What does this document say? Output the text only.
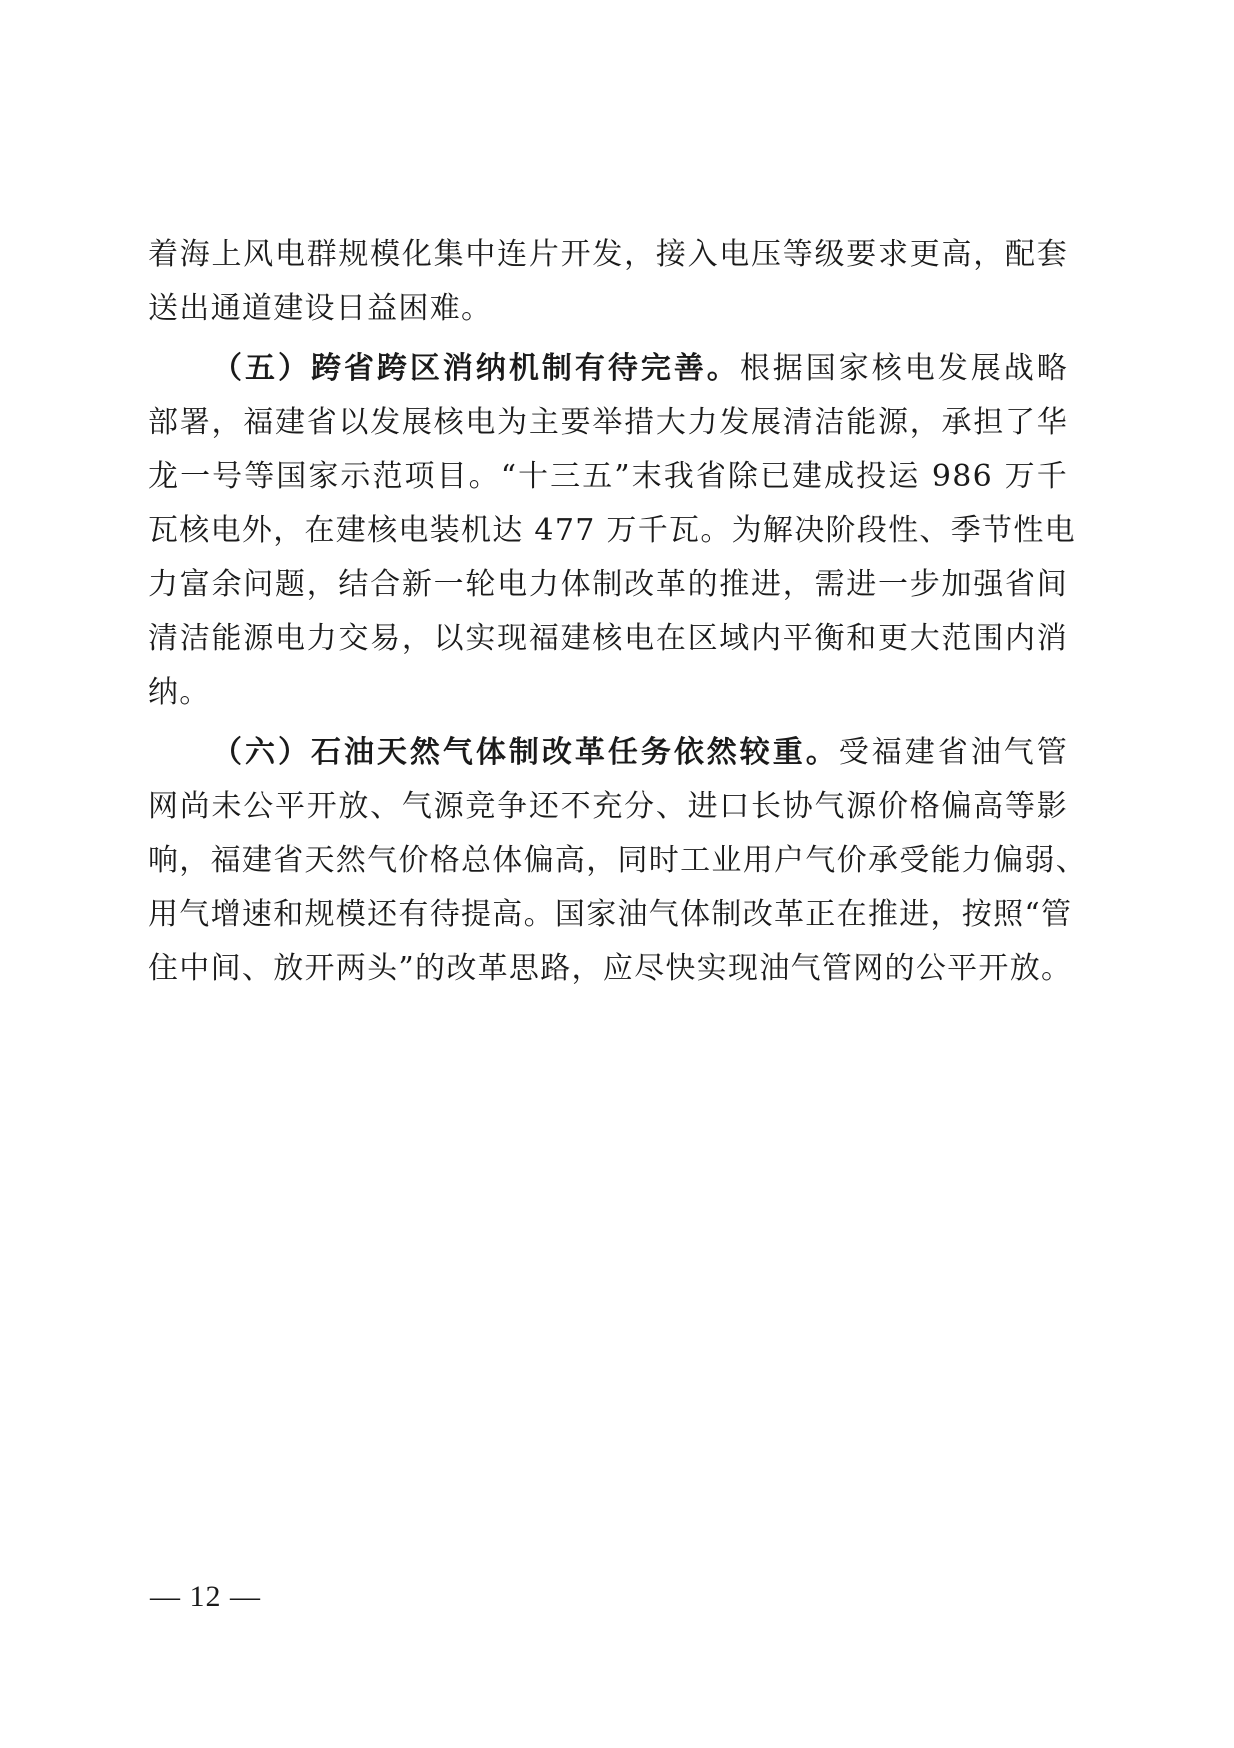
着海上风电群规模化集中连片开发，接入电压等级要求更高，配套
送出通道建设日益困难。
（五）跨省跨区消纳机制有待完善。根据国家核电发展战略
部署，福建省以发展核电为主要举措大力发展清洁能源，承担了华
龙一号等国家示范项目。“十三五”末我省除已建成投运 986 万千
瓦核电外，在建核电装机达 477 万千瓦。为解决阶段性、季节性电
力富余问题，结合新一轮电力体制改革的推进，需进一步加强省间
清洁能源电力交易，以实现福建核电在区域内平衡和更大范围内消
纳。
（六）石油天然气体制改革任务依然较重。受福建省油气管
网尚未公平开放、气源竞争还不充分、进口长协气源价格偏高等影
响，福建省天然气价格总体偏高，同时工业用户气价承受能力偏弱、
用气增速和规模还有待提高。国家油气体制改革正在推进，按照“管
住中间、放开两头”的改革思路，应尽快实现油气管网的公平开放。
— 12 —
